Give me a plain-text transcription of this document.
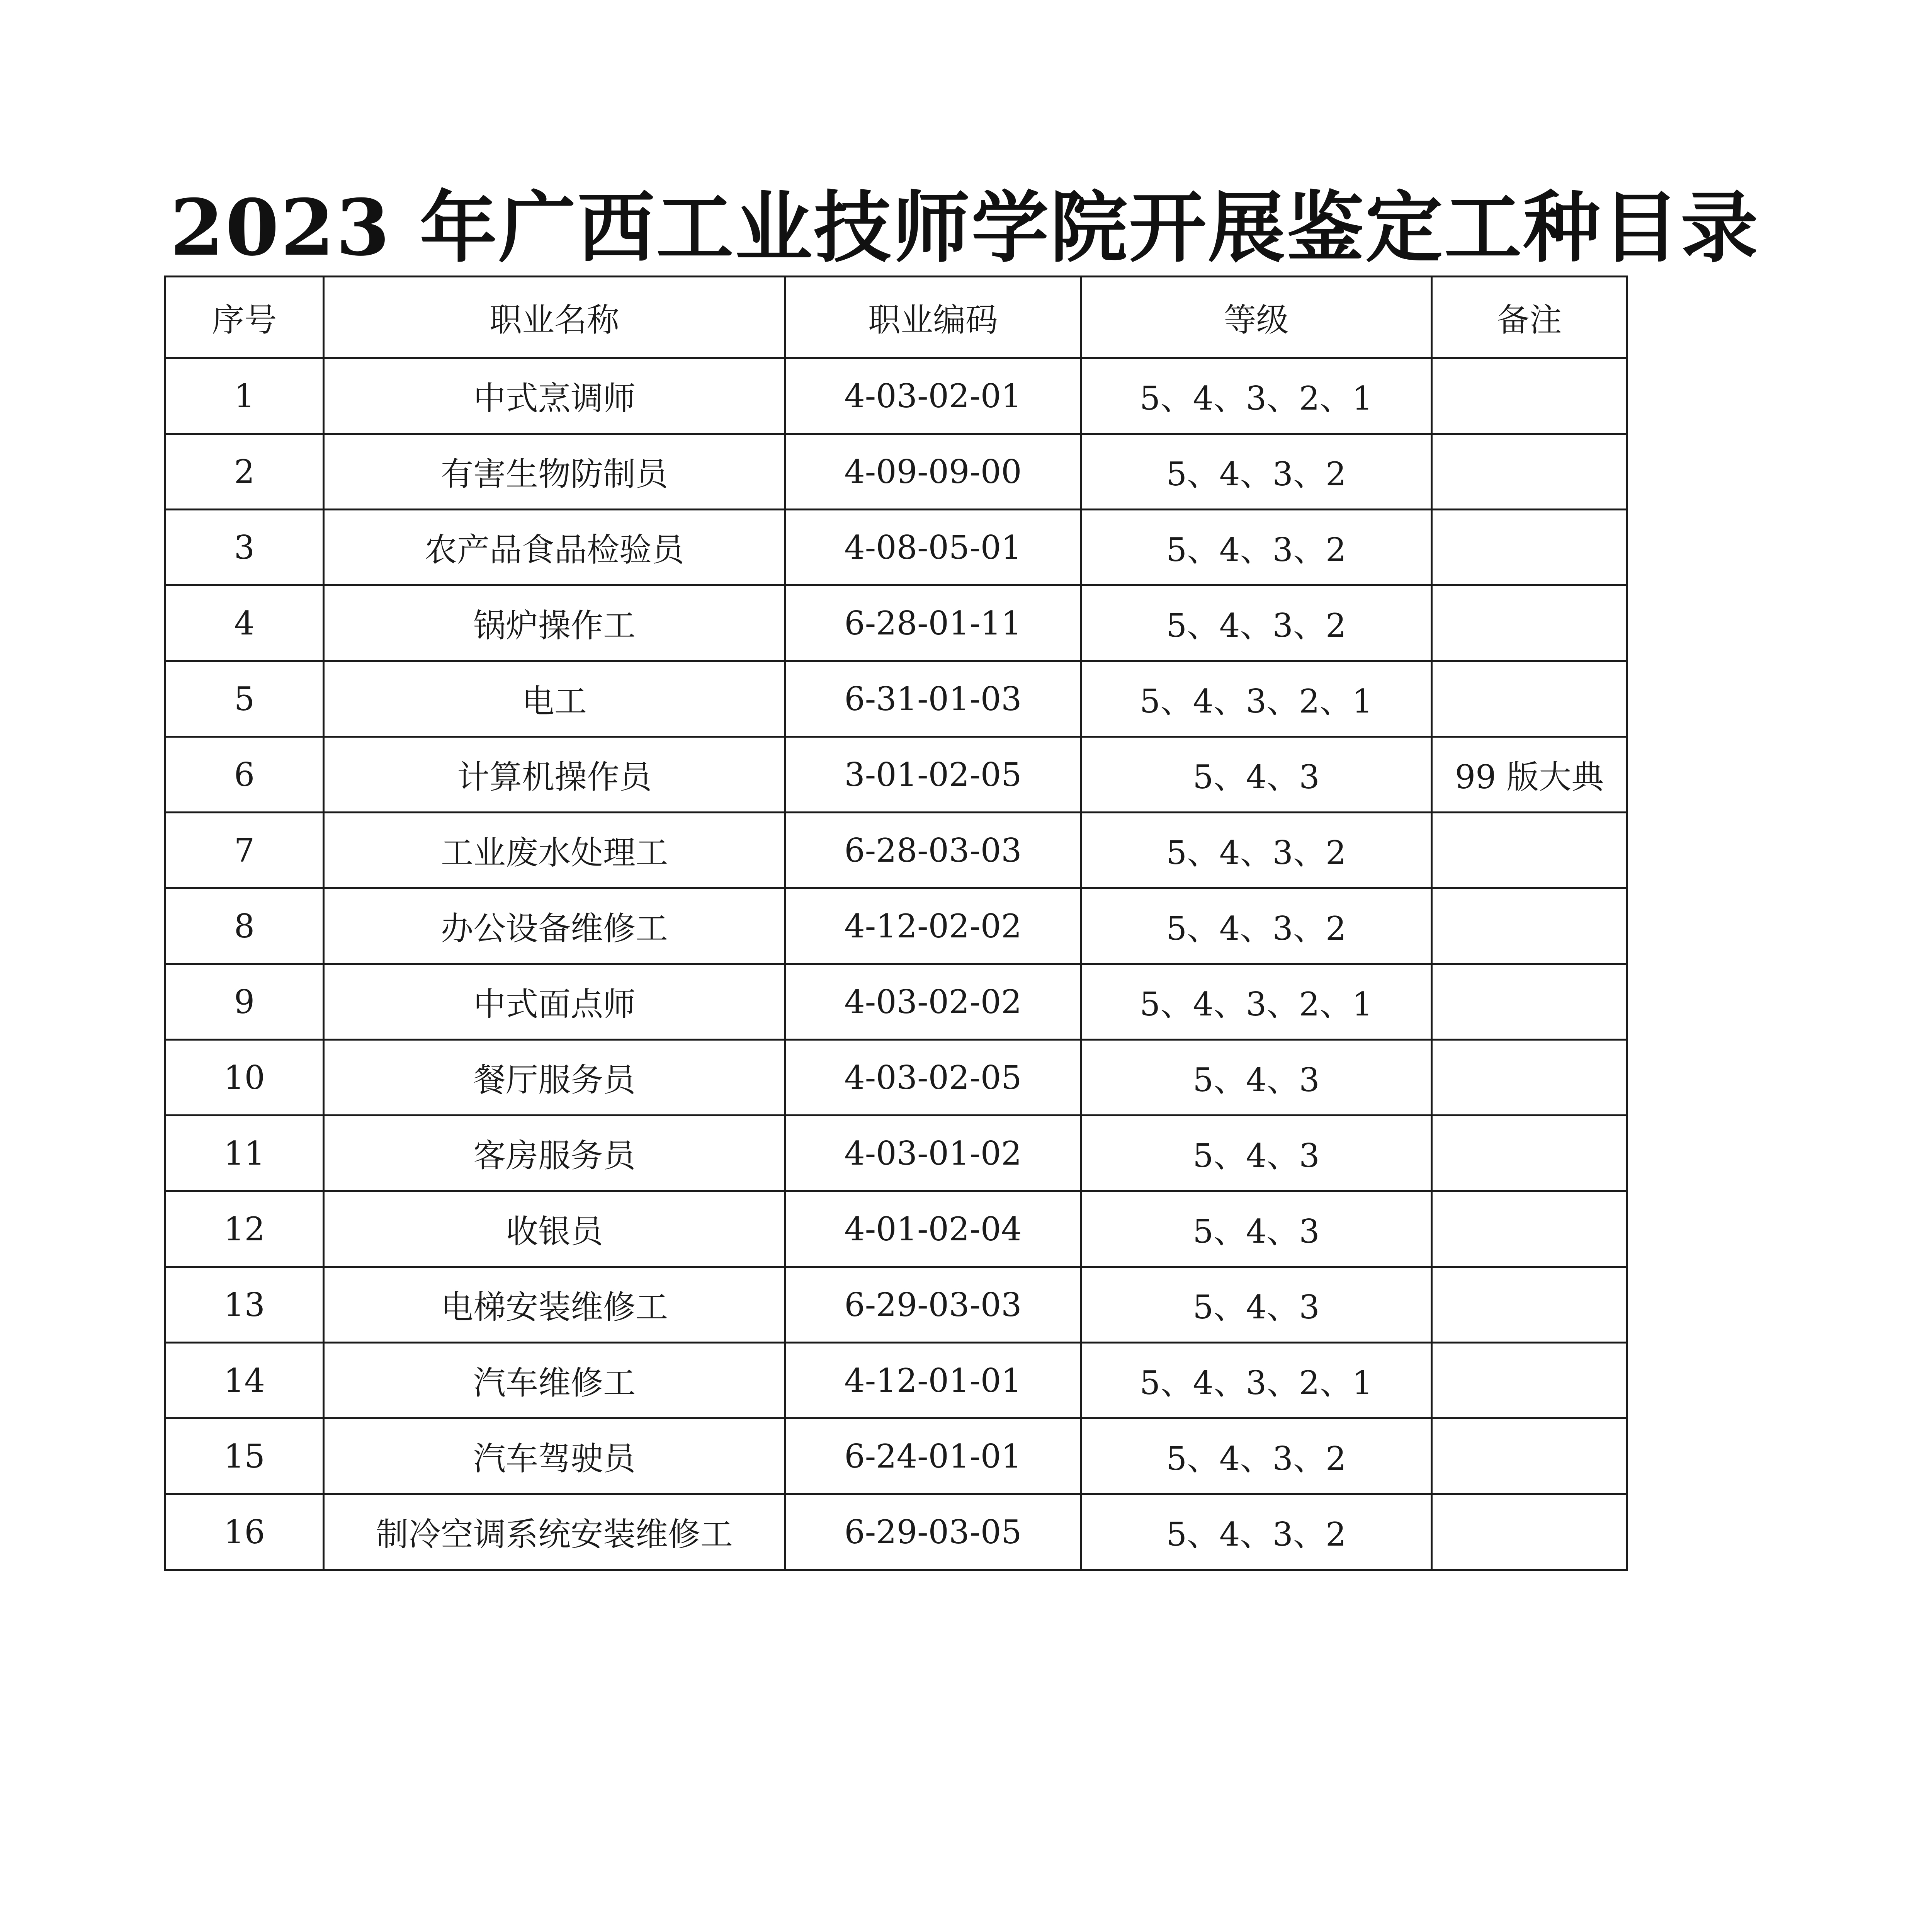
2023 年广西工业技师学院开展鉴定工种目录
序号	职业名称	职业编码	等级	备注
1	中式烹调师	4-03-02-01	5、4、3、2、1	
2	有害生物防制员	4-09-09-00	5、4、3、2	
3	农产品食品检验员	4-08-05-01	5、4、3、2	
4	锅炉操作工	6-28-01-11	5、4、3、2	
5	电工	6-31-01-03	5、4、3、2、1	
6	计算机操作员	3-01-02-05	5、4、3	99 版大典
7	工业废水处理工	6-28-03-03	5、4、3、2	
8	办公设备维修工	4-12-02-02	5、4、3、2	
9	中式面点师	4-03-02-02	5、4、3、2、1	
10	餐厅服务员	4-03-02-05	5、4、3	
11	客房服务员	4-03-01-02	5、4、3	
12	收银员	4-01-02-04	5、4、3	
13	电梯安装维修工	6-29-03-03	5、4、3	
14	汽车维修工	4-12-01-01	5、4、3、2、1	
15	汽车驾驶员	6-24-01-01	5、4、3、2	
16	制冷空调系统安装维修工	6-29-03-05	5、4、3、2	
